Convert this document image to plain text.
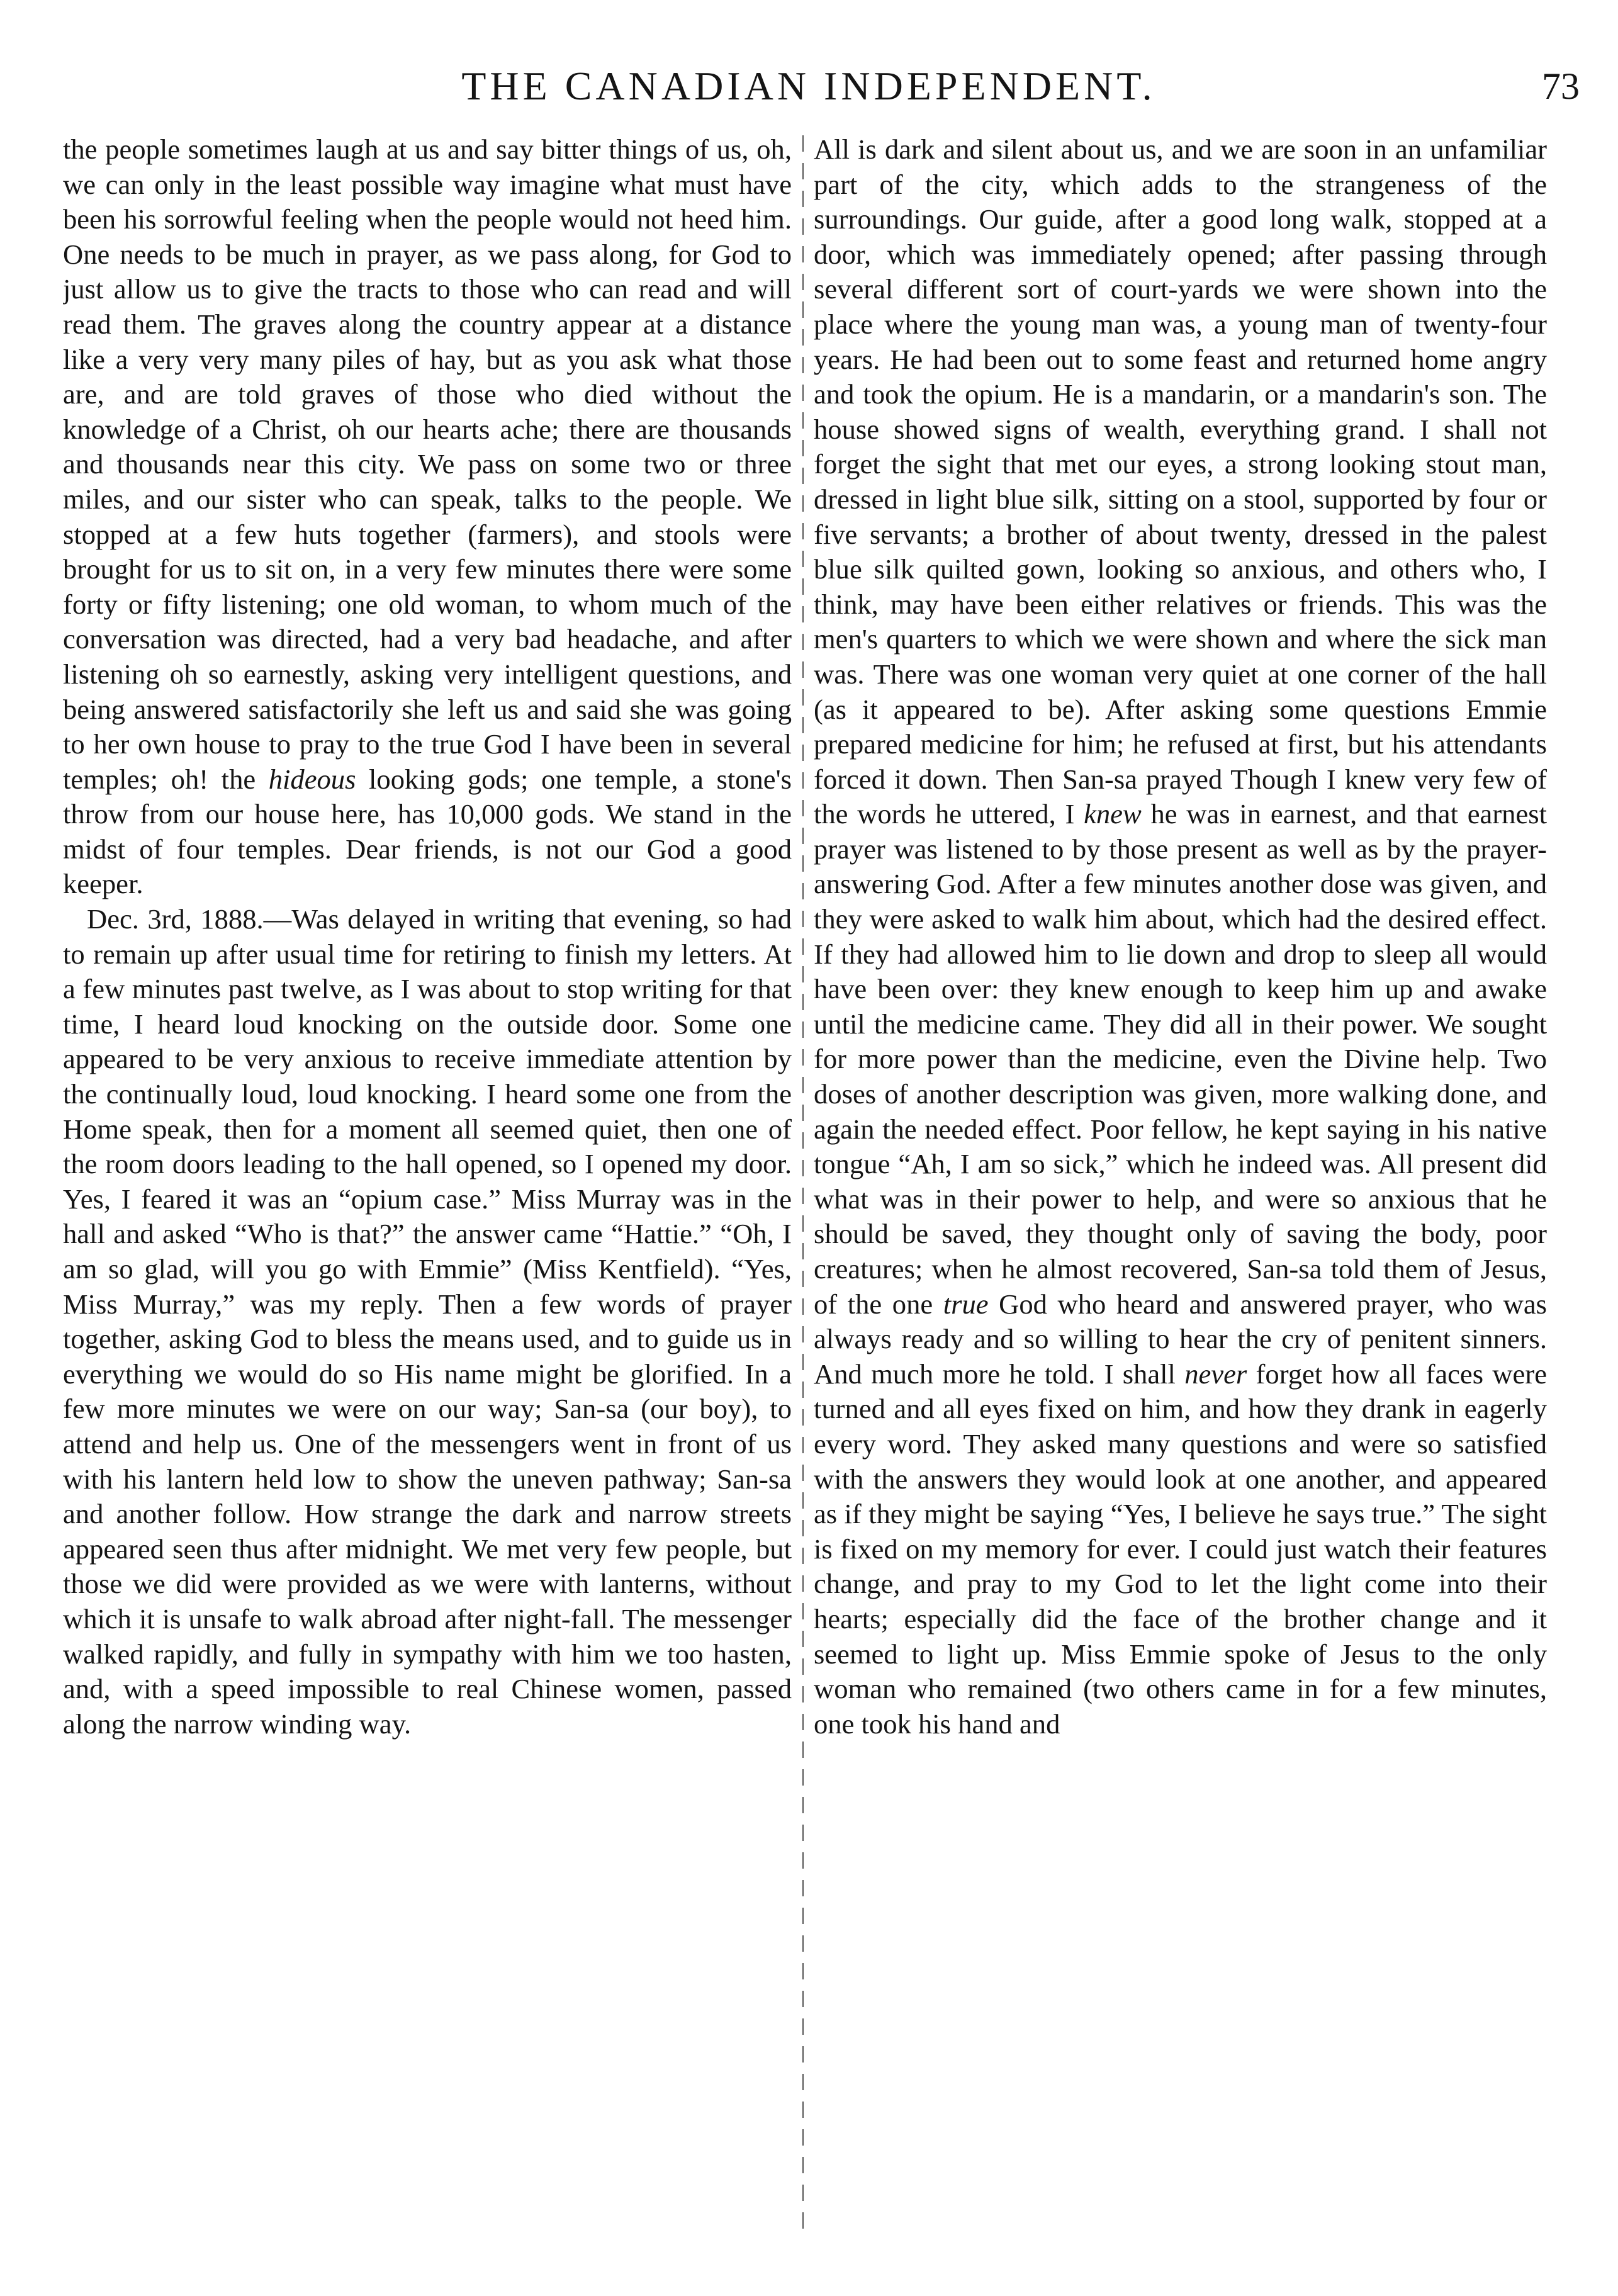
THE CANADIAN INDEPENDENT.	73

the people sometimes laugh at us and say bitter things of us, oh, we can only in the least possible way imagine what must have been his sorrowful feeling when the people would not heed him. One needs to be much in prayer, as we pass along, for God to just allow us to give the tracts to those who can read and will read them. The graves along the country appear at a distance like a very very many piles of hay, but as you ask what those are, and are told graves of those who died without the knowledge of a Christ, oh our hearts ache; there are thousands and thousands near this city. We pass on some two or three miles, and our sister who can speak, talks to the people. We stopped at a few huts together (farmers), and stools were brought for us to sit on, in a very few minutes there were some forty or fifty listening; one old woman, to whom much of the conversation was directed, had a very bad headache, and after listening oh so earnestly, asking very intelligent questions, and being answered satisfactorily she left us and said she was going to her own house to pray to the true God I have been in several temples; oh! the hideous looking gods; one temple, a stone's throw from our house here, has 10,000 gods. We stand in the midst of four temples. Dear friends, is not our God a good keeper.

Dec. 3rd, 1888.—Was delayed in writing that evening, so had to remain up after usual time for retiring to finish my letters. At a few minutes past twelve, as I was about to stop writing for that time, I heard loud knocking on the outside door. Some one appeared to be very anxious to receive immediate attention by the continually loud, loud knocking. I heard some one from the Home speak, then for a moment all seemed quiet, then one of the room doors leading to the hall opened, so I opened my door. Yes, I feared it was an “opium case.” Miss Murray was in the hall and asked “Who is that?” the answer came “Hattie.” “Oh, I am so glad, will you go with Emmie” (Miss Kentfield). “Yes, Miss Murray,” was my reply. Then a few words of prayer together, asking God to bless the means used, and to guide us in everything we would do so His name might be glorified. In a few more minutes we were on our way; San-sa (our boy), to attend and help us. One of the messengers went in front of us with his lantern held low to show the uneven pathway; San-sa and another follow. How strange the dark and narrow streets appeared seen thus after midnight. We met very few people, but those we did were provided as we were with lanterns, without which it is unsafe to walk abroad after night-fall. The messenger walked rapidly, and fully in sympathy with him we too hasten, and, with a speed impossible to real Chinese women, passed along the narrow winding way.

All is dark and silent about us, and we are soon in an unfamiliar part of the city, which adds to the strangeness of the surroundings. Our guide, after a good long walk, stopped at a door, which was immediately opened; after passing through several different sort of court-yards we were shown into the place where the young man was, a young man of twenty-four years. He had been out to some feast and returned home angry and took the opium. He is a mandarin, or a mandarin's son. The house showed signs of wealth, everything grand. I shall not forget the sight that met our eyes, a strong looking stout man, dressed in light blue silk, sitting on a stool, supported by four or five servants; a brother of about twenty, dressed in the palest blue silk quilted gown, looking so anxious, and others who, I think, may have been either relatives or friends. This was the men's quarters to which we were shown and where the sick man was. There was one woman very quiet at one corner of the hall (as it appeared to be). After asking some questions Emmie prepared medicine for him; he refused at first, but his attendants forced it down. Then San-sa prayed Though I knew very few of the words he uttered, I knew he was in earnest, and that earnest prayer was listened to by those present as well as by the prayer-answering God. After a few minutes another dose was given, and they were asked to walk him about, which had the desired effect. If they had allowed him to lie down and drop to sleep all would have been over: they knew enough to keep him up and awake until the medicine came. They did all in their power. We sought for more power than the medicine, even the Divine help. Two doses of another description was given, more walking done, and again the needed effect. Poor fellow, he kept saying in his native tongue “Ah, I am so sick,” which he indeed was. All present did what was in their power to help, and were so anxious that he should be saved, they thought only of saving the body, poor creatures; when he almost recovered, San-sa told them of Jesus, of the one true God who heard and answered prayer, who was always ready and so willing to hear the cry of penitent sinners. And much more he told. I shall never forget how all faces were turned and all eyes fixed on him, and how they drank in eagerly every word. They asked many questions and were so satisfied with the answers they would look at one another, and appeared as if they might be saying “Yes, I believe he says true.” The sight is fixed on my memory for ever. I could just watch their features change, and pray to my God to let the light come into their hearts; especially did the face of the brother change and it seemed to light up. Miss Emmie spoke of Jesus to the only woman who remained (two others came in for a few minutes, one took his hand and
